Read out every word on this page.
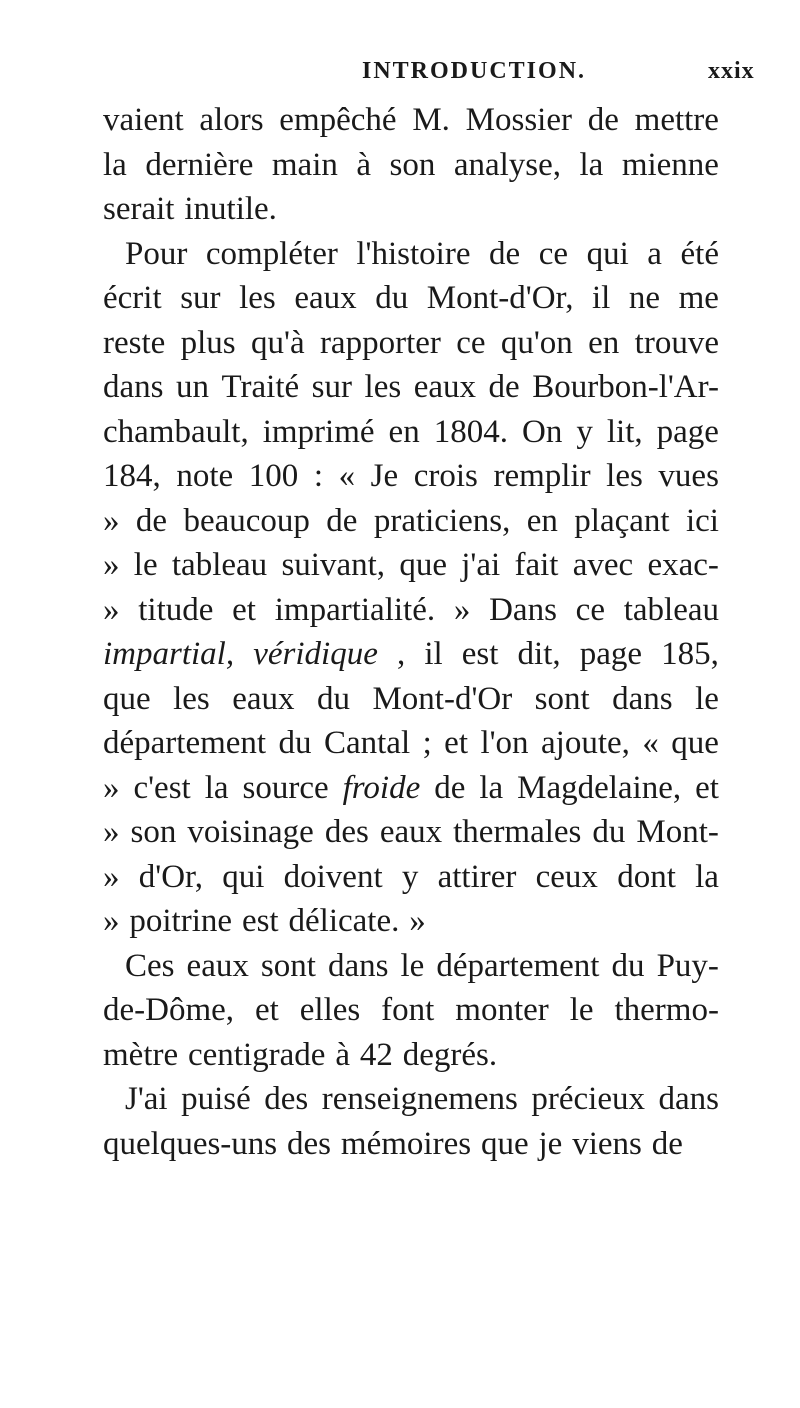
INTRODUCTION.	xxix
vaient alors empêché M. Mossier de mettre
la dernière main à son analyse, la mienne
serait inutile.
Pour compléter l'histoire de ce qui a été
écrit sur les eaux du Mont-d'Or, il ne me
reste plus qu'à rapporter ce qu'on en trouve
dans un Traité sur les eaux de Bourbon-l'Ar-
chambault, imprimé en 1804. On y lit, page
184, note 100 : « Je crois remplir les vues
» de beaucoup de praticiens, en plaçant ici
» le tableau suivant, que j'ai fait avec exac-
» titude et impartialité. » Dans ce tableau
impartial, véridique , il est dit, page 185,
que les eaux du Mont-d'Or sont dans le
département du Cantal ; et l'on ajoute, « que
» c'est la source froide de la Magdelaine, et
» son voisinage des eaux thermales du Mont-
» d'Or, qui doivent y attirer ceux dont la
» poitrine est délicate. »
Ces eaux sont dans le département du Puy-
de-Dôme, et elles font monter le thermo-
mètre centigrade à 42 degrés.
J'ai puisé des renseignemens précieux dans
quelques-uns des mémoires que je viens de
